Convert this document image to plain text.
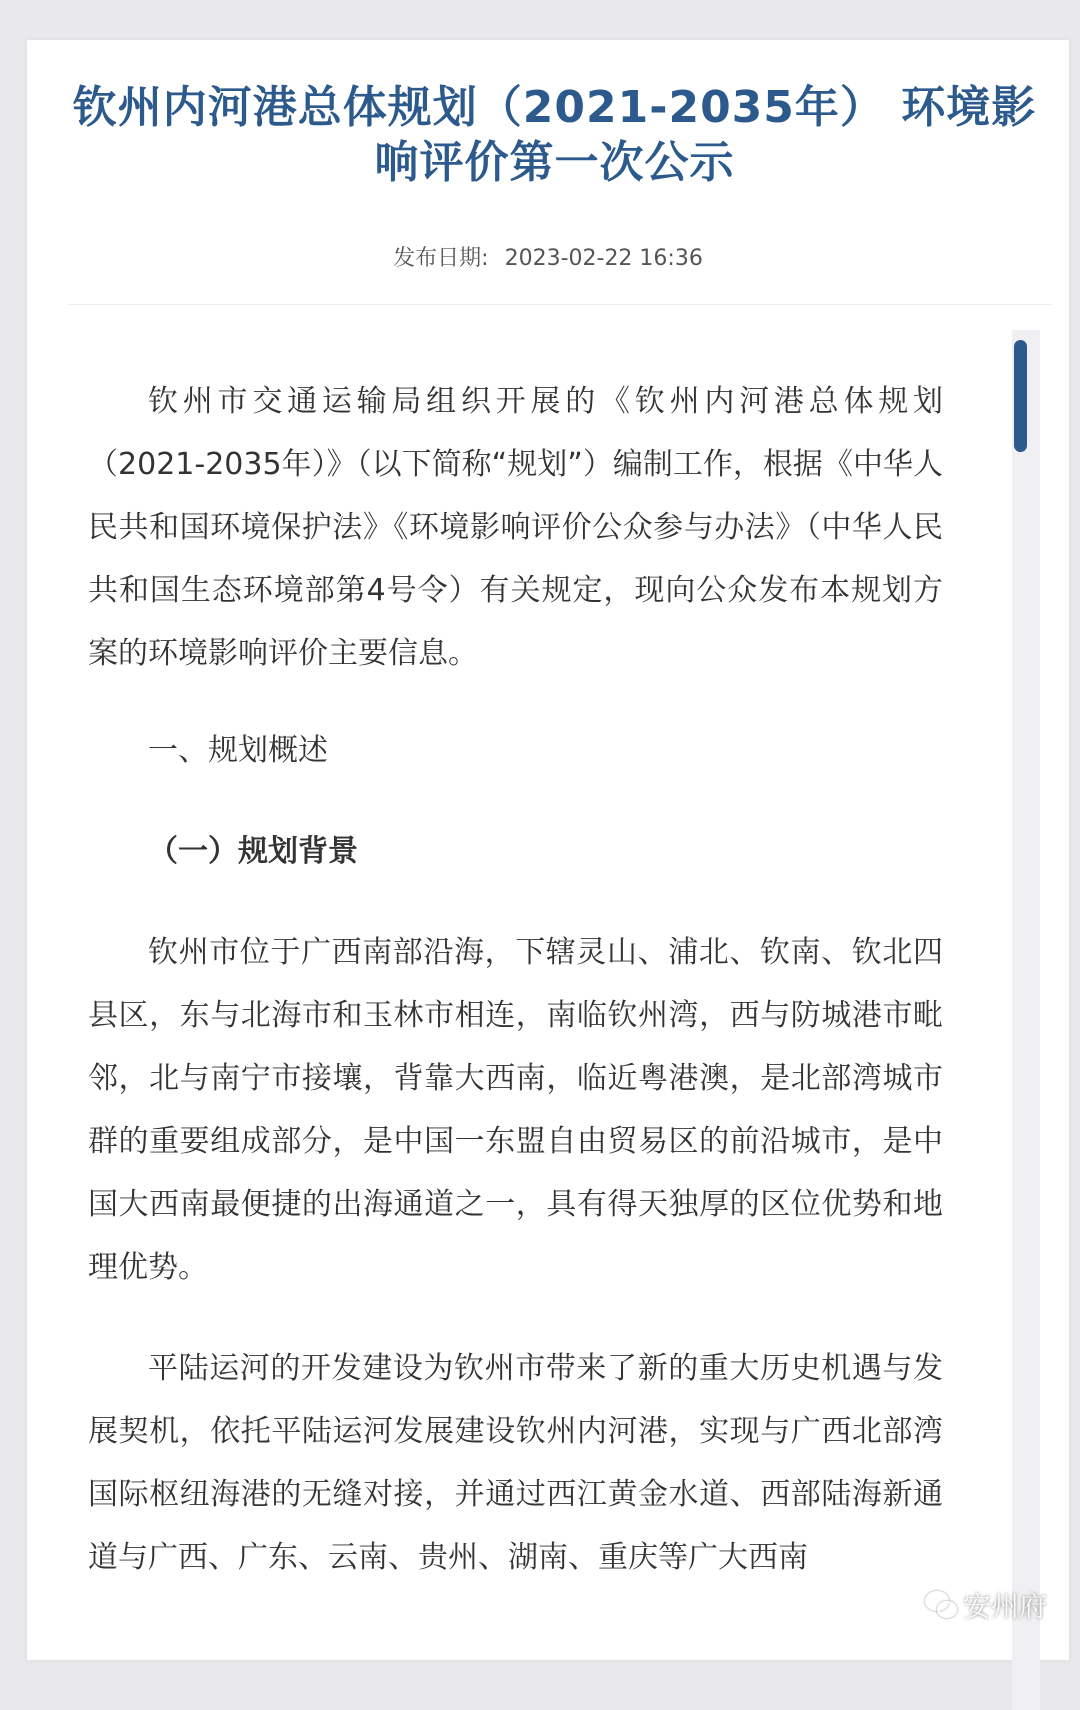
钦州内河港总体规划（2021-2035年） 环境影响评价第一次公示
发布日期: 2023-02-22 16:36

钦州市交通运输局组织开展的《钦州内河港总体规划（2021-2035年）》（以下简称“规划”）编制工作，根据《中华人民共和国环境保护法》《环境影响评价公众参与办法》（中华人民共和国生态环境部第4号令）有关规定，现向公众发布本规划方案的环境影响评价主要信息。

一、规划概述

（一）规划背景

钦州市位于广西南部沿海，下辖灵山、浦北、钦南、钦北四县区，东与北海市和玉林市相连，南临钦州湾，西与防城港市毗邻，北与南宁市接壤，背靠大西南，临近粤港澳，是北部湾城市群的重要组成部分，是中国一东盟自由贸易区的前沿城市，是中国大西南最便捷的出海通道之一，具有得天独厚的区位优势和地理优势。

平陆运河的开发建设为钦州市带来了新的重大历史机遇与发展契机，依托平陆运河发展建设钦州内河港，实现与广西北部湾国际枢纽海港的无缝对接，并通过西江黄金水道、西部陆海新通道与广西、广东、云南、贵州、湖南、重庆等广大西南

安州府
